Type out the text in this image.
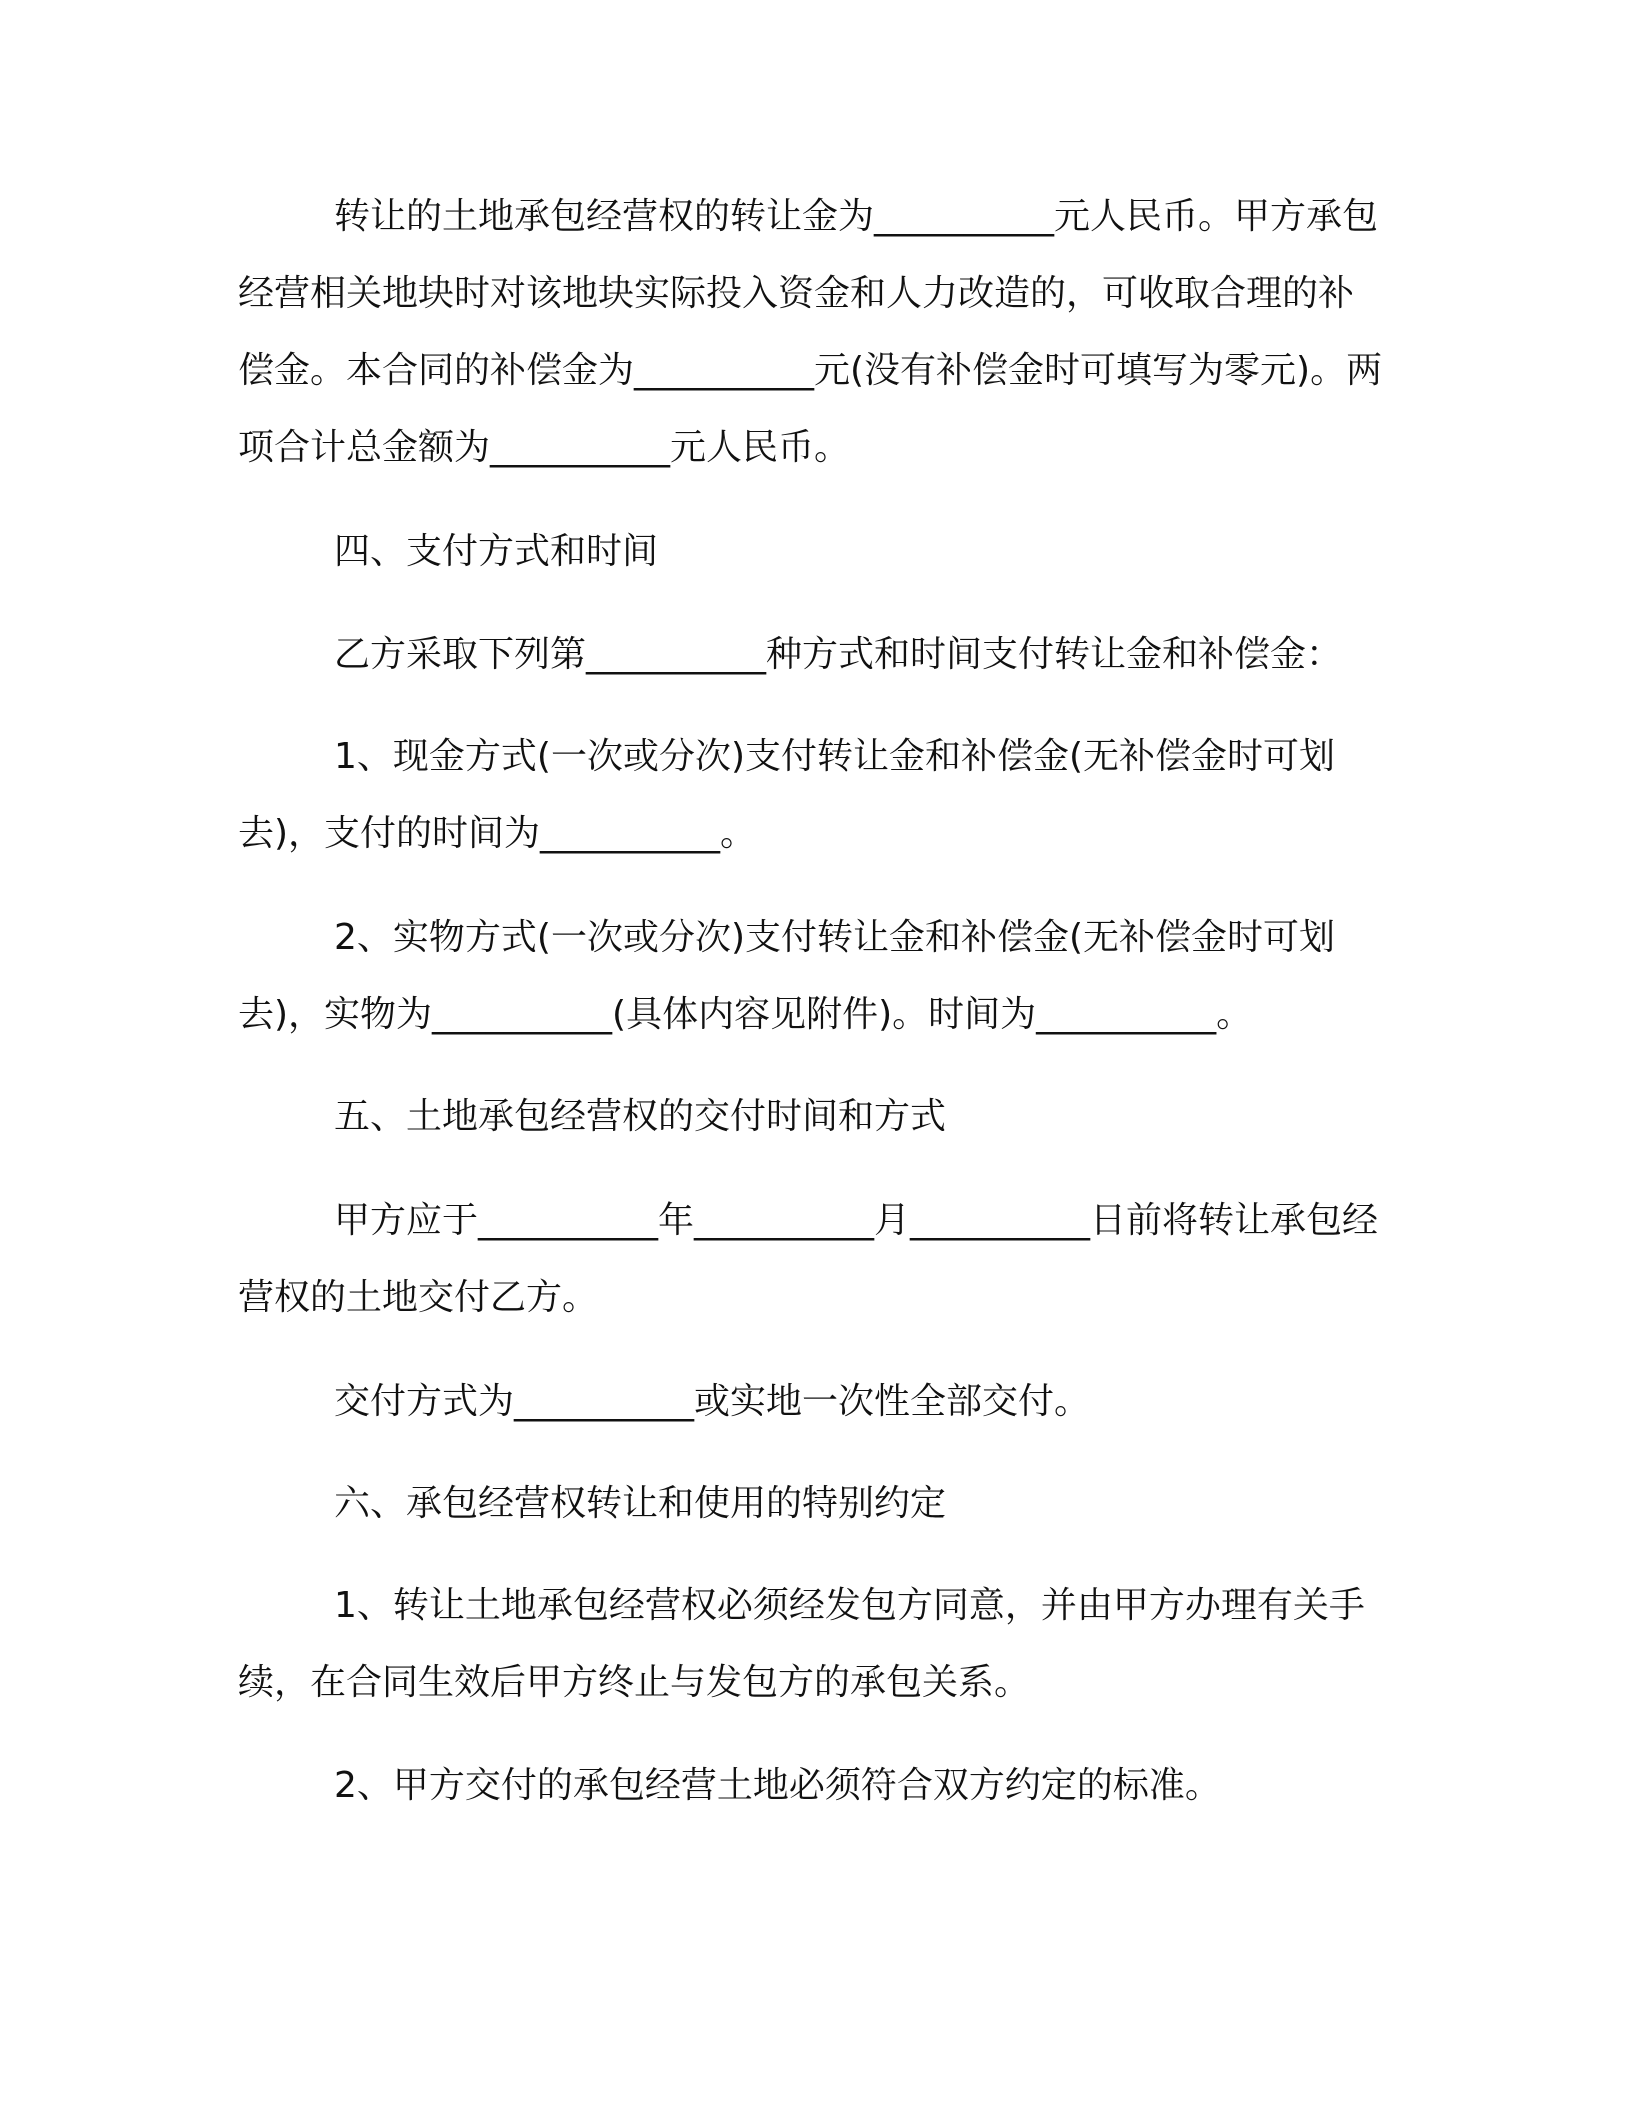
转让的土地承包经营权的转让金为__________元人民币。甲方承包经营相关地块时对该地块实际投入资金和人力改造的，可收取合理的补偿金。本合同的补偿金为__________元(没有补偿金时可填写为零元)。两项合计总金额为__________元人民币。

四、支付方式和时间

乙方采取下列第__________种方式和时间支付转让金和补偿金：

1、现金方式(一次或分次)支付转让金和补偿金(无补偿金时可划去)，支付的时间为__________。

2、实物方式(一次或分次)支付转让金和补偿金(无补偿金时可划去)，实物为__________(具体内容见附件)。时间为__________。

五、土地承包经营权的交付时间和方式

甲方应于__________年__________月__________日前将转让承包经营权的土地交付乙方。

交付方式为__________或实地一次性全部交付。

六、承包经营权转让和使用的特别约定

1、转让土地承包经营权必须经发包方同意，并由甲方办理有关手续，在合同生效后甲方终止与发包方的承包关系。

2、甲方交付的承包经营土地必须符合双方约定的标准。
